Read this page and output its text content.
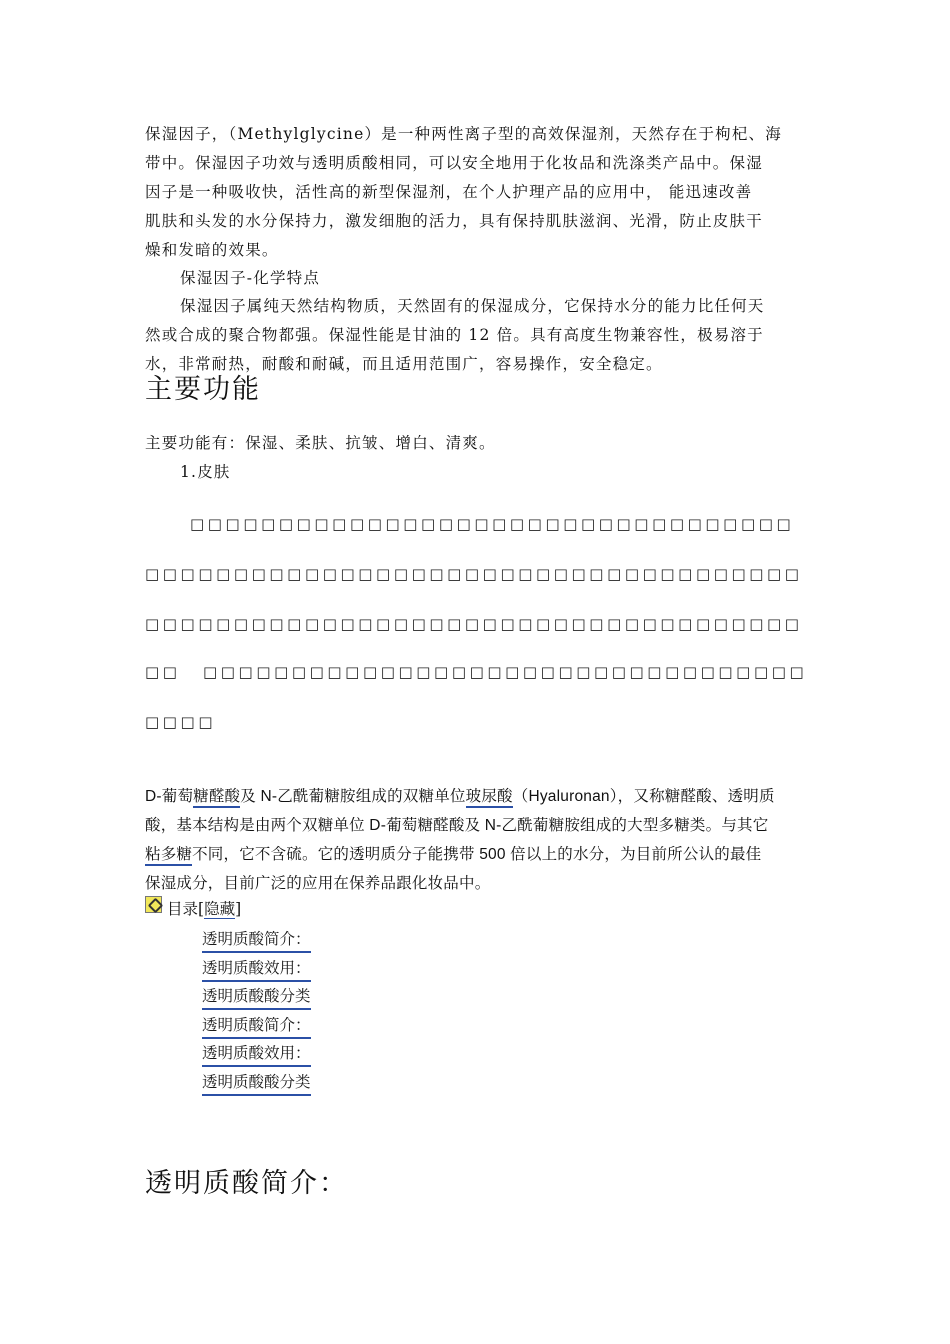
保湿因子，（Methylglycine）是一种两性离子型的高效保湿剂，天然存在于枸杞、海
带中。保湿因子功效与透明质酸相同，可以安全地用于化妆品和洗涤类产品中。保湿
因子是一种吸收快，活性高的新型保湿剂，在个人护理产品的应用中， 能迅速改善
肌肤和头发的水分保持力，激发细胞的活力，具有保持肌肤滋润、光滑，防止皮肤干
燥和发暗的效果。
保湿因子-化学特点
保湿因子属纯天然结构物质，天然固有的保湿成分，它保持水分的能力比任何天
然或合成的聚合物都强。保湿性能是甘油的 12 倍。具有高度生物兼容性，极易溶于
水，非常耐热，耐酸和耐碱，而且适用范围广，容易操作，安全稳定。
主要功能
主要功能有：保湿、柔肤、抗皱、增白、清爽。
1.皮肤
□□□□□□□□□□□□□□□□□□□□□□□□□□□□□□□□□□
□□□□□□□□□□□□□□□□□□□□□□□□□□□□□□□□□□□□□
□□□□□□□□□□□□□□□□□□□□□□□□□□□□□□□□□□□□□
□□ □□□□□□□□□□□□□□□□□□□□□□□□□□□□□□□□□□
□□□□
D-葡萄糖醛酸及 N-乙酰葡糖胺组成的双糖单位玻尿酸（Hyaluronan），又称糖醛酸、透明质
酸，基本结构是由两个双糖单位 D-葡萄糖醛酸及 N-乙酰葡糖胺组成的大型多糖类。与其它
粘多糖不同，它不含硫。它的透明质分子能携带 500 倍以上的水分，为目前所公认的最佳
保湿成分，目前广泛的应用在保养品跟化妆品中。
目录[隐藏]
透明质酸简介：
透明质酸效用：
透明质酸酸分类
透明质酸简介：
透明质酸效用：
透明质酸酸分类
透明质酸简介：
